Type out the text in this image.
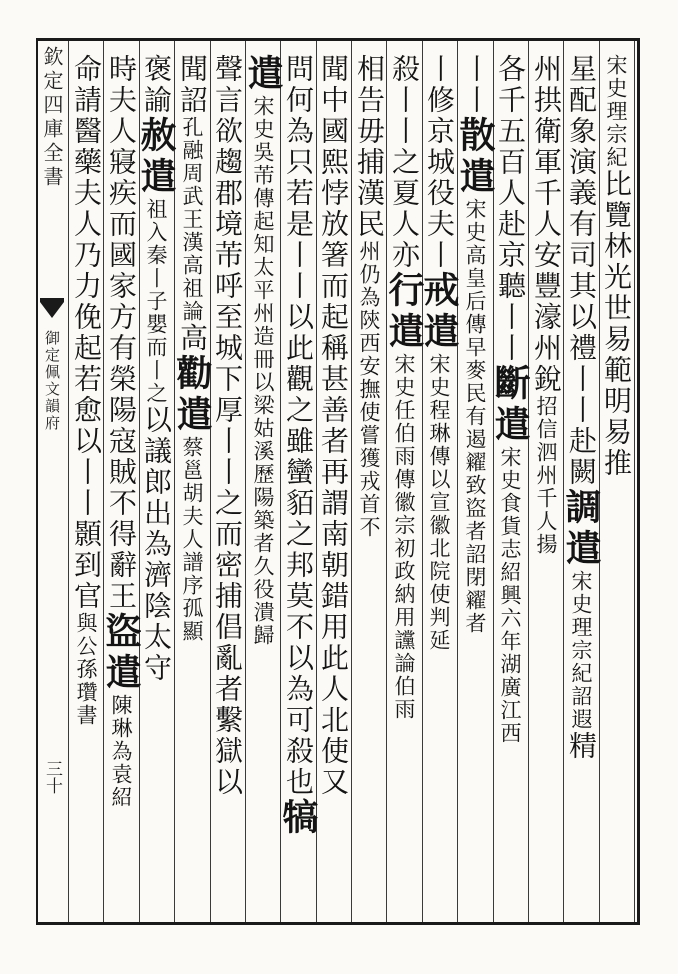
欽定四庫全書
御定佩文韻府
三十
宋史理宗紀比覽林光世易範明易推
星配象演義有司其以禮丨丨赴闕調遣宋史理宗紀詔遐精
州拱衛軍千人安豐濠州銳招信泗州千人揚
各千五百人赴京聽丨丨斷遣宋史食貨志紹興六年湖廣江西
丨丨散遣宋史高皇后傳早麥民有遏糴致盜者詔閉糴者
丨修京城役夫丨戒遣宋史程琳傳以宣徽北院使判延
殺丨丨之夏人亦行遣宋史任伯雨傳徽宗初政納用讜論伯雨
相告毋捕漢民州仍為陝西安撫使嘗獲戎首不
聞中國熙悖放箸而起稱甚善者再謂南朝錯用此人北使又
問何為只若是丨丨以此觀之雖蠻貊之邦莫不以為可殺也犒
遣宋史吳芾傳起知太平州造冊以梁姑溪歷陽築者久役潰歸
聲言欲趨郡境芾呼至城下厚丨丨之而密捕倡亂者繫獄以
聞詔孔融周武王漢高祖論高勸遣蔡邕胡夫人譜序孤顯
褒諭赦遣祖入秦丨子嬰而丨之以議郎出為濟陰太守
時夫人寢疾而國家方有榮陽寇賊不得辭王盜遣陳琳為袁紹
命請醫藥夫人乃力俛起若愈以丨丨顥到官與公孫瓚書
